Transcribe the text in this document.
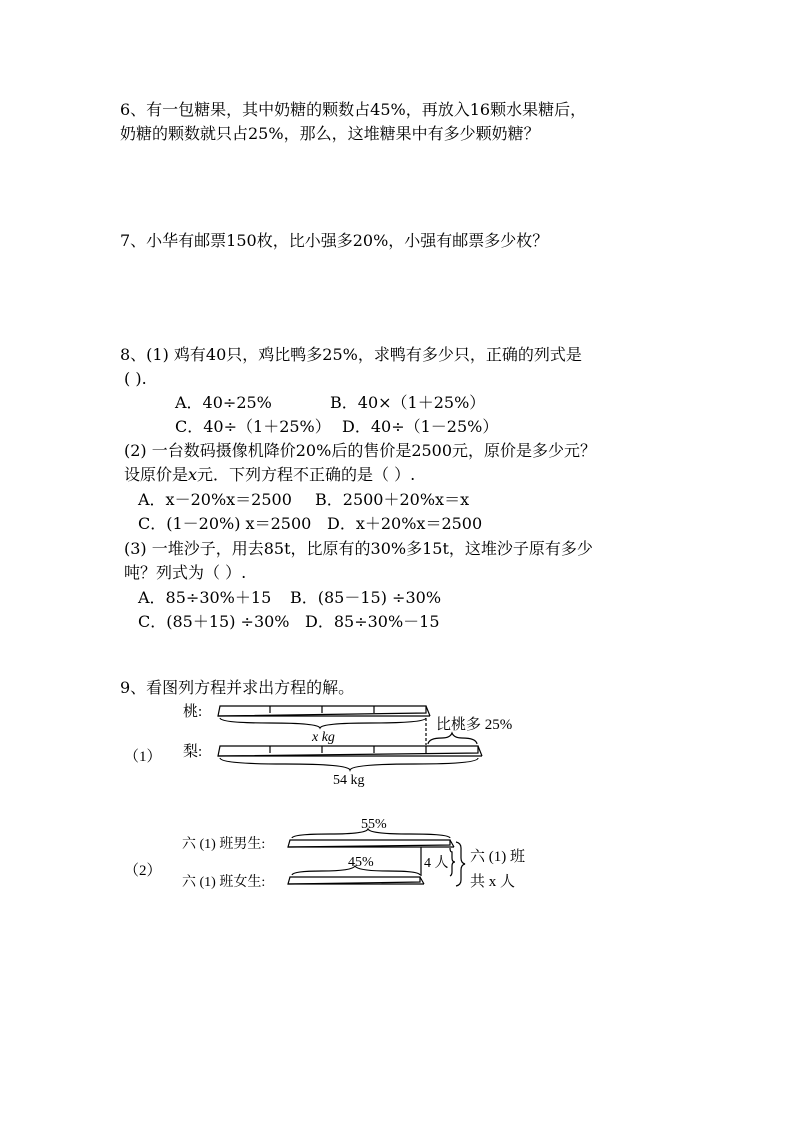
6、有一包糖果，其中奶糖的颗数占45%，再放入16颗水果糖后，
奶糖的颗数就只占25%，那么，这堆糖果中有多少颗奶糖？
7、小华有邮票150枚，比小强多20%，小强有邮票多少枚？
8、(1) 鸡有40只，鸡比鸭多25%，求鸭有多少只，正确的列式是
( ).
A．40÷25%	B．40×（1＋25%）
C．40÷（1＋25%） D．40÷（1－25%）
(2) 一台数码摄像机降价20%后的售价是2500元，原价是多少元？
设原价是x元．下列方程不正确的是（ ）.
A．x－20%x＝2500 B．2500＋20%x＝x
C．(1－20%) x＝2500 D．x＋20%x＝2500
(3) 一堆沙子，用去85t，比原有的30%多15t，这堆沙子原有多少
吨？列式为（ ）.
A．85÷30%＋15 B．(85－15) ÷30%
C．(85＋15) ÷30% D．85÷30%－15
9、看图列方程并求出方程的解。
桃:
梨:
x kg
54 kg
比桃多 25%
（1）
六 (1) 班男生:
六 (1) 班女生:
55%
45%	4 人 六 (1) 班
共 x 人
（2）
